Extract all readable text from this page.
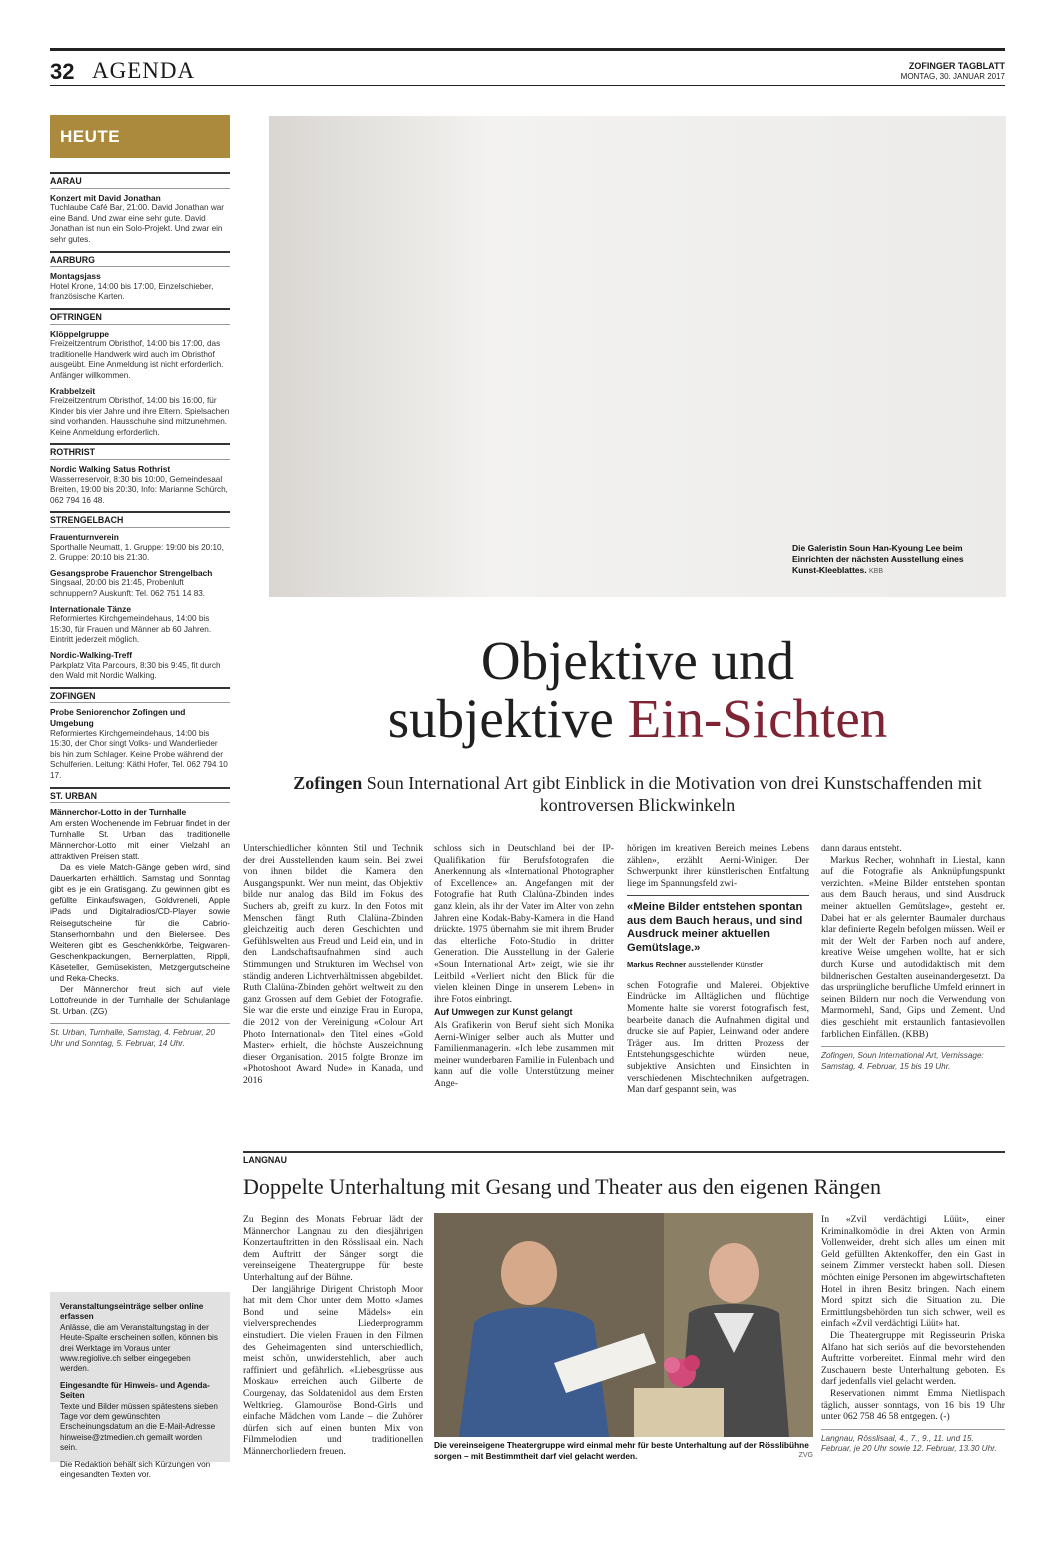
32 AGENDA	ZOFINGER TAGBLATT
MONTAG, 30. JANUAR 2017
HEUTE
AARAU
Konzert mit David Jonathan
Tuchlaube Café Bar, 21:00. David Jonathan war eine Band. Und zwar eine sehr gute. David Jonathan ist nun ein Solo-Projekt. Und zwar ein sehr gutes.
AARBURG
Montagsjass
Hotel Krone, 14:00 bis 17:00, Einzelschieber, französische Karten.
OFTRINGEN
Klöppelgruppe
Freizeitzentrum Obristhof, 14:00 bis 17:00, das traditionelle Handwerk wird auch im Obristhof ausgeübt. Eine Anmeldung ist nicht erforderlich. Anfänger willkommen.
Krabbelzeit
Freizeitzentrum Obristhof, 14:00 bis 16:00, für Kinder bis vier Jahre und ihre Eltern. Spielsachen sind vorhanden. Hausschuhe sind mitzunehmen. Keine Anmeldung erforderlich.
ROTHRIST
Nordic Walking Satus Rothrist
Wasserreservoir, 8:30 bis 10:00, Gemeindesaal Breiten, 19:00 bis 20:30, Info: Marianne Schürch, 062 794 16 48.
STRENGELBACH
Frauenturnverein
Sporthalle Neumatt, 1. Gruppe: 19:00 bis 20:10, 2. Gruppe: 20:10 bis 21:30.
Gesangsprobe Frauenchor Strengelbach
Singsaal, 20:00 bis 21:45, Probenluft schnuppern? Auskunft: Tel. 062 751 14 83.
Internationale Tänze
Reformiertes Kirchgemeindehaus, 14:00 bis 15:30, für Frauen und Männer ab 60 Jahren. Eintritt jederzeit möglich.
Nordic-Walking-Treff
Parkplatz Vita Parcours, 8:30 bis 9:45, fit durch den Wald mit Nordic Walking.
ZOFINGEN
Probe Seniorenchor Zofingen und Umgebung
Reformiertes Kirchgemeindehaus, 14:00 bis 15:30, der Chor singt Volks- und Wanderlieder bis hin zum Schlager. Keine Probe während der Schulferien. Leitung: Käthi Hofer, Tel. 062 794 10 17.
ST. URBAN
Männerchor-Lotto in der Turnhalle

Am ersten Wochenende im Februar findet in der Turnhalle St. Urban das traditionelle Männerchor-Lotto mit einer Vielzahl an attraktiven Preisen statt.

Da es viele Match-Gänge geben wird, sind Dauerkarten erhältlich. Samstag und Sonntag gibt es je ein Gratisgang. Zu gewinnen gibt es gefüllte Einkaufswagen, Goldvreneli, Apple iPads und Digitalradios/CD-Player sowie Reisegutscheine für die Cabrio-Stanserhornbahn und den Bielersee. Des Weiteren gibt es Geschenkkörbe, Teigwaren-Geschenkpackungen, Bernerplatten, Rippli, Käseteller, Gemüsekisten, Metzgergutscheine und Reka-Checks.

Der Männerchor freut sich auf viele Lottofreunde in der Turnhalle der Schulanlage St. Urban. (ZG)

St. Urban, Turnhalle, Samstag, 4. Februar, 20 Uhr und Sonntag, 5. Februar, 14 Uhr.
Veranstaltungseinträge selber online erfassen

Anlässe, die am Veranstaltungstag in der Heute-Spalte erscheinen sollen, können bis drei Werktage im Voraus unter www.regiolive.ch selber eingegeben werden.

Eingesandte für Hinweis- und Agenda-Seiten

Texte und Bilder müssen spätestens sieben Tage vor dem gewünschten Erscheinungsdatum an die E-Mail-Adresse hinweise@ztmedien.ch gemailt worden sein.

Die Redaktion behält sich Kürzungen von eingesandten Texten vor.

Die Galeristin Soun Han-Kyoung Lee beim Einrichten der nächsten Ausstellung eines Kunst-Kleeblattes. KBB
Objektive und
subjektive Ein-Sichten
Zofingen Soun International Art gibt Einblick in die Motivation von drei Kunstschaffenden mit kontroversen Blickwinkeln

Unterschiedlicher könnten Stil und Technik der drei Ausstellenden kaum sein. Bei zwei von ihnen bildet die Kamera den Ausgangspunkt. Wer nun meint, das Objektiv bilde nur analog das Bild im Fokus des Suchers ab, greift zu kurz. In den Fotos mit Menschen fängt Ruth Clalüna-Zbinden gleichzeitig auch deren Geschichten und Gefühlswelten aus Freud und Leid ein, und in den Landschaftsaufnahmen sind auch Stimmungen und Strukturen im Wechsel von ständig anderen Lichtverhältnissen abgebildet. Ruth Clalüna-Zbinden gehört weltweit zu den ganz Grossen auf dem Gebiet der Fotografie. Sie war die erste und einzige Frau in Europa, die 2012 von der Vereinigung «Colour Art Photo International» den Titel eines «Gold Master» erhielt, die höchste Auszeichnung dieser Organisation. 2015 folgte Bronze im «Photoshoot Award Nude» in Kanada, und 2016

schloss sich in Deutschland bei der IP-Qualifikation für Berufsfotografen die Anerkennung als «International Photographer of Excellence» an. Angefangen mit der Fotografie hat Ruth Clalüna-Zbinden indes ganz klein, als ihr der Vater im Alter von zehn Jahren eine Kodak-Baby-Kamera in die Hand drückte. 1975 übernahm sie mit ihrem Bruder das elterliche Foto-Studio in dritter Generation. Die Ausstellung in der Galerie «Soun International Art» zeigt, wie sie ihr Leitbild «Verliert nicht den Blick für die vielen kleinen Dinge in unserem Leben» in ihre Fotos einbringt.

Auf Umwegen zur Kunst gelangt

Als Grafikerin von Beruf sieht sich Monika Aerni-Winiger selber auch als Mutter und Familienmanagerin. «Ich lebe zusammen mit meiner wunderbaren Familie in Fulenbach und kann auf die volle Unterstützung meiner Ange-

hörigen im kreativen Bereich meines Lebens zählen», erzählt Aerni-Winiger. Der Schwerpunkt ihrer künstlerischen Entfaltung liege im Spannungsfeld zwi-

«Meine Bilder entstehen spontan aus dem Bauch heraus, und sind Ausdruck meiner aktuellen Gemütslage.»
Markus Rechner ausstellender Künstler

schen Fotografie und Malerei. Objektive Eindrücke im Alltäglichen und flüchtige Momente halte sie vorerst fotografisch fest, bearbeite danach die Aufnahmen digital und drucke sie auf Papier, Leinwand oder andere Träger aus. Im dritten Prozess der Entstehungsgeschichte würden neue, subjektive Ansichten und Einsichten in verschiedenen Mischtechniken aufgetragen. Man darf gespannt sein, was

dann daraus entsteht.

Markus Recher, wohnhaft in Liestal, kann auf die Fotografie als Anknüpfungspunkt verzichten. «Meine Bilder entstehen spontan aus dem Bauch heraus, und sind Ausdruck meiner aktuellen Gemütslage», gesteht er. Dabei hat er als gelernter Baumaler durchaus klar definierte Regeln befolgen müssen. Weil er mit der Welt der Farben noch auf andere, kreative Weise umgehen wollte, hat er sich durch Kurse und autodidaktisch mit dem bildnerischen Gestalten auseinandergesetzt. Da das ursprüngliche berufliche Umfeld erinnert in seinen Bildern nur noch die Verwendung von Marmormehl, Sand, Gips und Zement. Und dies geschieht mit erstaunlich fantasievollen farblichen Einfällen. (KBB)

Zofingen, Soun International Art, Vernissage: Samstag, 4. Februar, 15 bis 19 Uhr.
LANGNAU
Doppelte Unterhaltung mit Gesang und Theater aus den eigenen Rängen

Zu Beginn des Monats Februar lädt der Männerchor Langnau zu den diesjährigen Konzertauftritten in den Rösslisaal ein. Nach dem Auftritt der Sänger sorgt die vereinseigene Theatergruppe für beste Unterhaltung auf der Bühne.

Der langjährige Dirigent Christoph Moor hat mit dem Chor unter dem Motto «James Bond und seine Mädels» ein vielversprechendes Liederprogramm einstudiert. Die vielen Frauen in den Filmen des Geheimagenten sind unterschiedlich, meist schön, unwiderstehlich, aber auch raffiniert und gefährlich. «Liebesgrüsse aus Moskau» erreichen auch Gilberte de Courgenay, das Soldatenidol aus dem Ersten Weltkrieg. Glamouröse Bond-Girls und einfache Mädchen vom Lande – die Zuhörer dürfen sich auf einen bunten Mix von Filmmelodien und traditionellen Männerchorliedern freuen.

Die vereinseigene Theatergruppe wird einmal mehr für beste Unterhaltung auf der Rösslibühne sorgen – mit Bestimmtheit darf viel gelacht werden.	ZVG

In «Zvil verdächtigi Lüüt», einer Kriminalkomödie in drei Akten von Armin Vollenweider, dreht sich alles um einen mit Geld gefüllten Aktenkoffer, den ein Gast in seinem Zimmer versteckt haben soll. Diesen möchten einige Personen im abgewirtschafteten Hotel in ihren Besitz bringen. Nach einem Mord spitzt sich die Situation zu. Die Ermittlungsbehörden tun sich schwer, weil es einfach «Zvil verdächtigi Lüüt» hat.

Die Theatergruppe mit Regisseurin Priska Alfano hat sich seriös auf die bevorstehenden Auftritte vorbereitet. Einmal mehr wird den Zuschauern beste Unterhaltung geboten. Es darf jedenfalls viel gelacht werden.

Reservationen nimmt Emma Nietlispach täglich, ausser sonntags, von 16 bis 19 Uhr unter 062 758 46 58 entgegen. (-)

Langnau, Rösslisaal, 4., 7., 9., 11. und 15. Februar, je 20 Uhr sowie 12. Februar, 13.30 Uhr.
